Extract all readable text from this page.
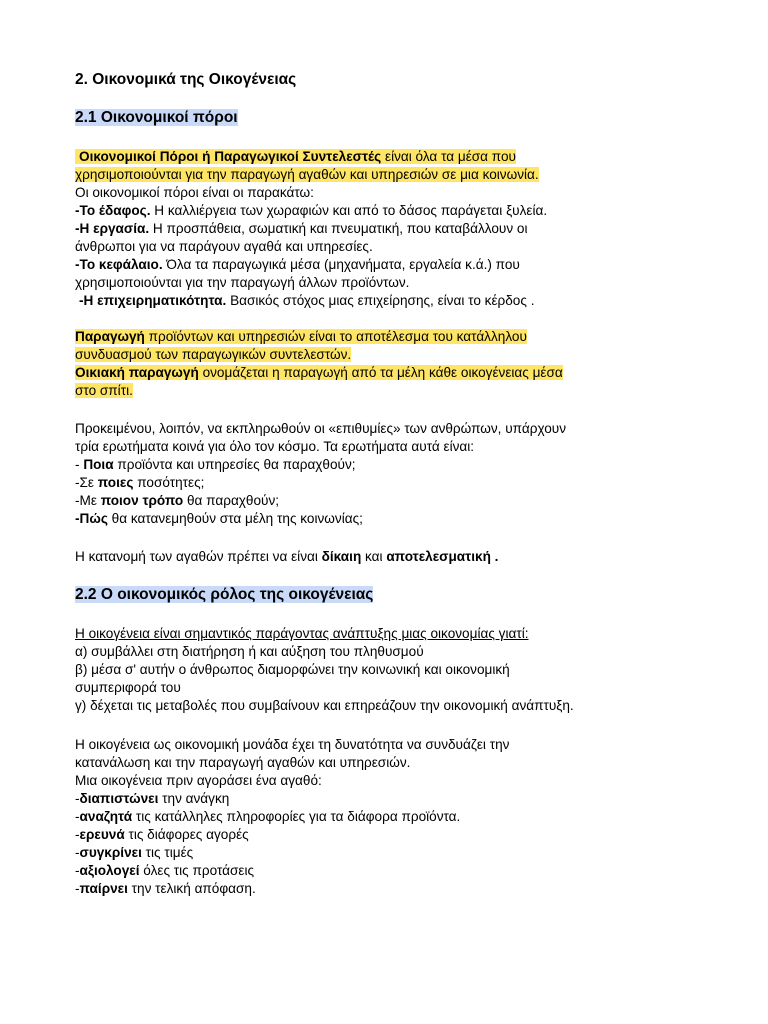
2. Οικονομικά της Οικογένειας
2.1 Οικονομικοί πόροι
Οικονομικοί Πόροι ή Παραγωγικοί Συντελεστές είναι όλα τα μέσα που
χρησιμοποιούνται για την παραγωγή αγαθών και υπηρεσιών σε μια κοινωνία.
Οι οικονομικοί πόροι είναι οι παρακάτω:
-Το έδαφος. Η καλλιέργεια των χωραφιών και από το δάσος παράγεται ξυλεία.
-Η εργασία. Η προσπάθεια, σωματική και πνευματική, που καταβάλλουν οι
άνθρωποι για να παράγουν αγαθά και υπηρεσίες.
-Το κεφάλαιο. Όλα τα παραγωγικά μέσα (μηχανήματα, εργαλεία κ.ά.) που
χρησιμοποιούνται για την παραγωγή άλλων προϊόντων.
-Η επιχειρηματικότητα. Βασικός στόχος μιας επιχείρησης, είναι το κέρδος .
Παραγωγή προϊόντων και υπηρεσιών είναι το αποτέλεσμα του κατάλληλου
συνδυασμού των παραγωγικών συντελεστών.
Οικιακή παραγωγή ονομάζεται η παραγωγή από τα μέλη κάθε οικογένειας μέσα
στο σπίτι.
Προκειμένου, λοιπόν, να εκπληρωθούν οι «επιθυμίες» των ανθρώπων, υπάρχουν
τρία ερωτήματα κοινά για όλο τον κόσμο. Τα ερωτήματα αυτά είναι:
- Ποια προϊόντα και υπηρεσίες θα παραχθούν;
-Σε ποιες ποσότητες;
-Με ποιον τρόπο θα παραχθούν;
-Πώς θα κατανεμηθούν στα μέλη της κοινωνίας;
Η κατανομή των αγαθών πρέπει να είναι δίκαιη και αποτελεσματική .
2.2 Ο οικονομικός ρόλος της οικογένειας
Η οικογένεια είναι σημαντικός παράγοντας ανάπτυξης μιας οικονομίας γιατί:
α) συμβάλλει στη διατήρηση ή και αύξηση του πληθυσμού
β) μέσα σ' αυτήν ο άνθρωπος διαμορφώνει την κοινωνική και οικονομική
συμπεριφορά του
γ) δέχεται τις μεταβολές που συμβαίνουν και επηρεάζουν την οικονομική ανάπτυξη.
Η οικογένεια ως οικονομική μονάδα έχει τη δυνατότητα να συνδυάζει την
κατανάλωση και την παραγωγή αγαθών και υπηρεσιών.
Μια οικογένεια πριν αγοράσει ένα αγαθό:
-διαπιστώνει την ανάγκη
-αναζητά τις κατάλληλες πληροφορίες για τα διάφορα προϊόντα.
-ερευνά τις διάφορες αγορές
-συγκρίνει τις τιμές
-αξιολογεί όλες τις προτάσεις
-παίρνει την τελική απόφαση.
